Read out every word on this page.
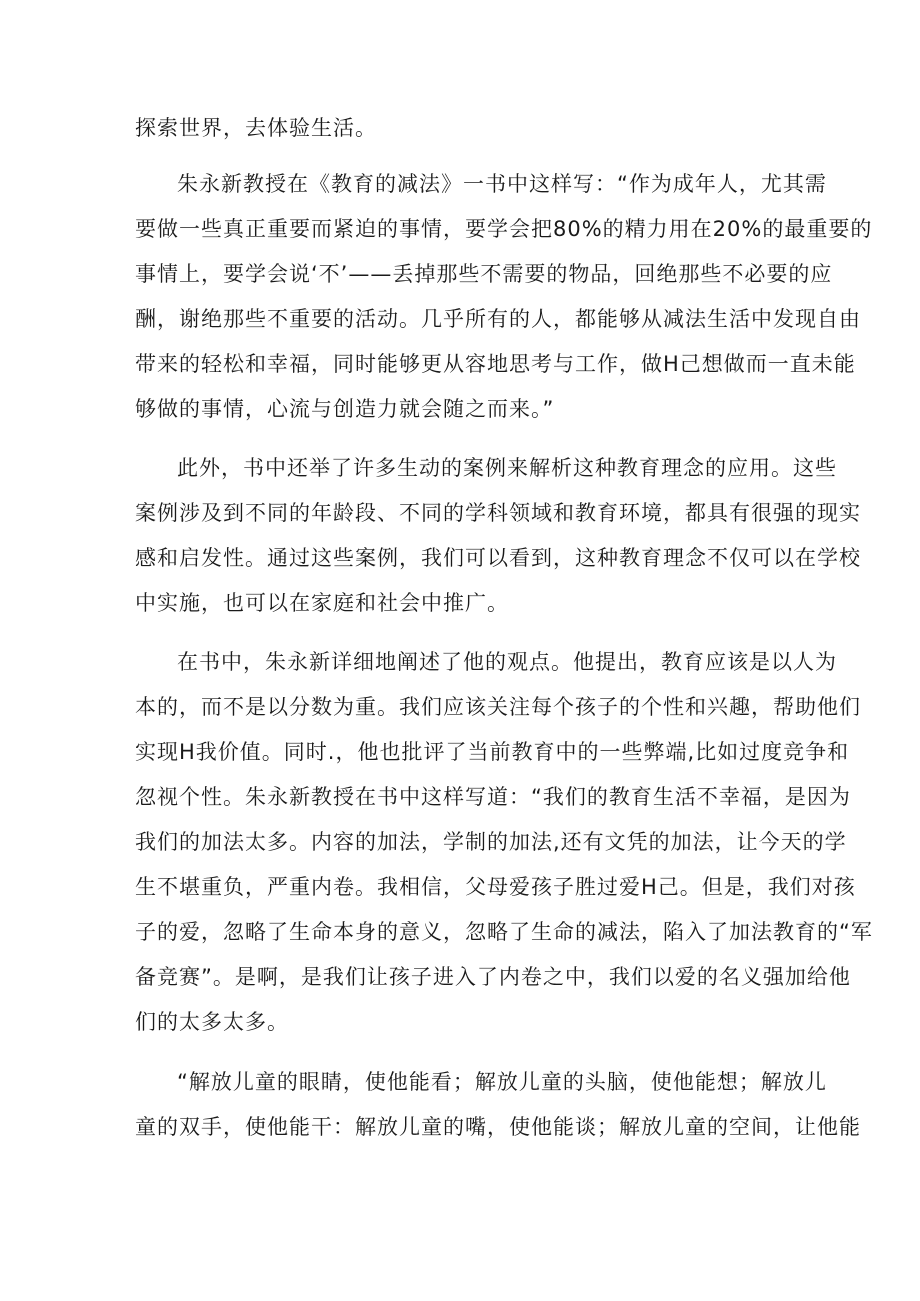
探索世界，去体验生活。
朱永新教授在《教育的减法》一书中这样写：“作为成年人，尤其需
要做一些真正重要而紧迫的事情，要学会把80%的精力用在20%的最重要的
事情上，要学会说‘不’——丢掉那些不需要的物品，回绝那些不必要的应
酬，谢绝那些不重要的活动。几乎所有的人，都能够从减法生活中发现自由
带来的轻松和幸福，同时能够更从容地思考与工作，做H己想做而一直未能
够做的事情，心流与创造力就会随之而来。”
此外，书中还举了许多生动的案例来解析这种教育理念的应用。这些
案例涉及到不同的年龄段、不同的学科领域和教育环境，都具有很强的现实
感和启发性。通过这些案例，我们可以看到，这种教育理念不仅可以在学校
中实施，也可以在家庭和社会中推广。
在书中，朱永新详细地阐述了他的观点。他提出，教育应该是以人为
本的，而不是以分数为重。我们应该关注每个孩子的个性和兴趣，帮助他们
实现H我价值。同时.，他也批评了当前教育中的一些弊端,比如过度竞争和
忽视个性。朱永新教授在书中这样写道：“我们的教育生活不幸福，是因为
我们的加法太多。内容的加法，学制的加法,还有文凭的加法，让今天的学
生不堪重负，严重内卷。我相信，父母爱孩子胜过爱H己。但是，我们对孩
子的爱，忽略了生命本身的意义，忽略了生命的减法，陷入了加法教育的“军
备竞赛”。是啊，是我们让孩子进入了内卷之中，我们以爱的名义强加给他
们的太多太多。
“解放儿童的眼睛，使他能看；解放儿童的头脑，使他能想；解放儿
童的双手，使他能干：解放儿童的嘴，使他能谈；解放儿童的空间，让他能
